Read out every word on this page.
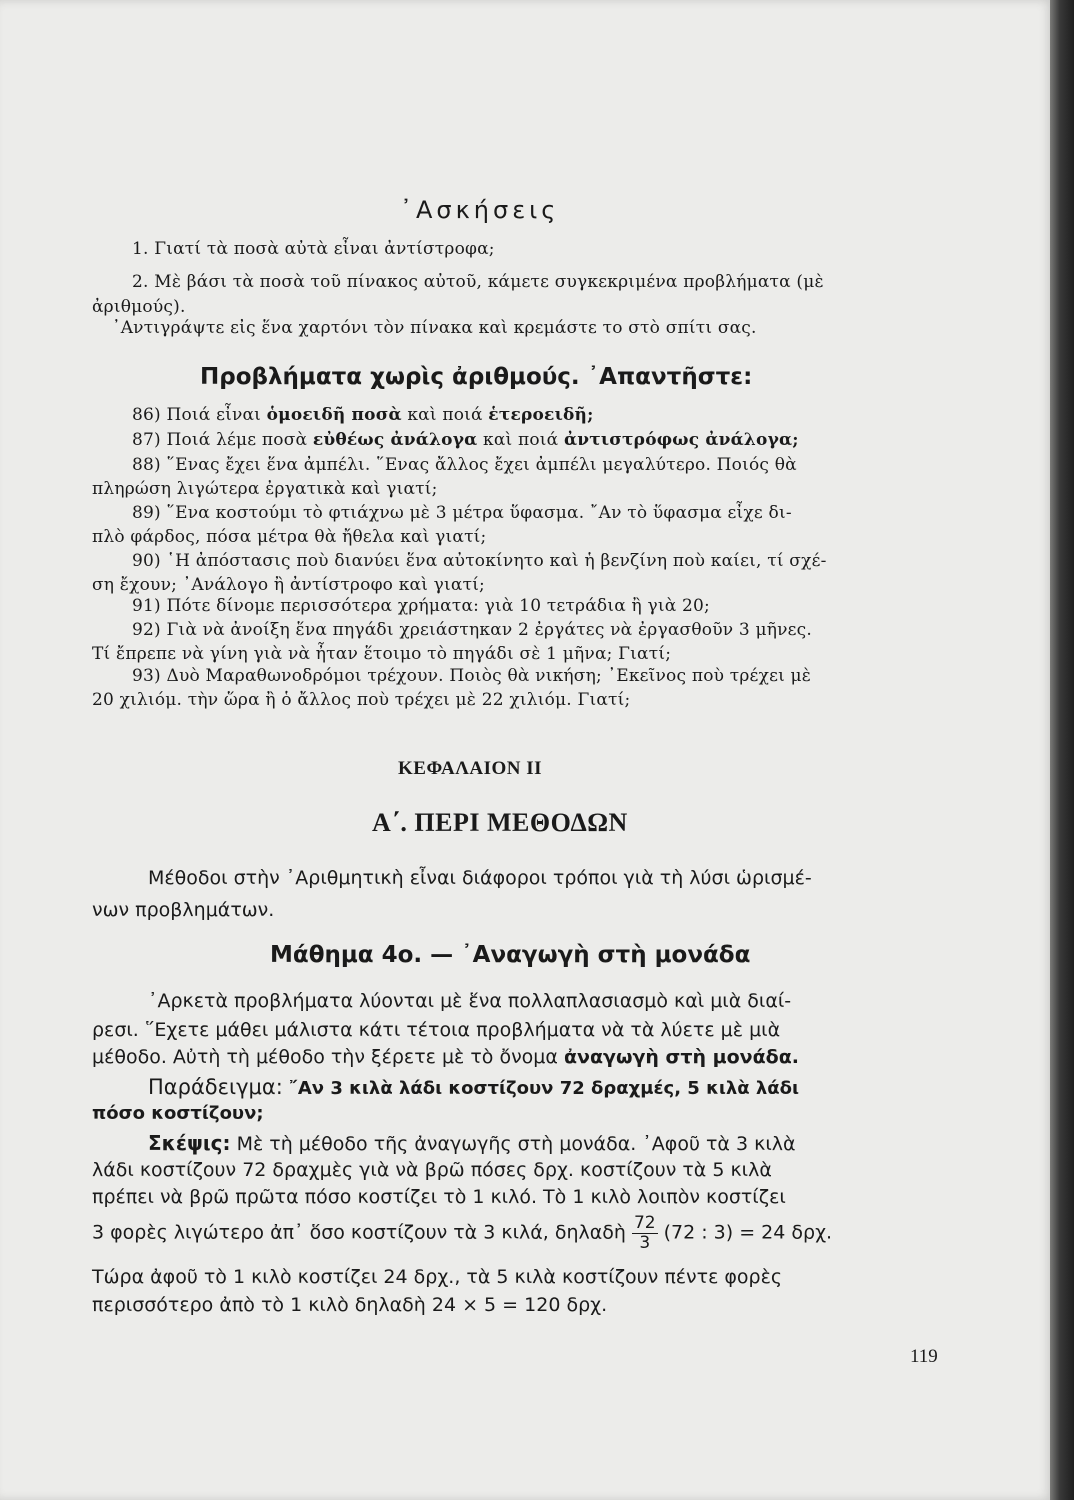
᾽Ασκήσεις
1. Γιατί τὰ ποσὰ αὐτὰ εἶναι ἀντίστροφα;
2. Μὲ βάσι τὰ ποσὰ τοῦ πίνακος αὐτοῦ, κάμετε συγκεκριμένα προβλήματα (μὲ
ἀριθμούς).
᾽Αντιγράψτε εἰς ἕνα χαρτόνι τὸν πίνακα καὶ κρεμάστε το στὸ σπίτι σας.
Προβλήματα χωρὶς ἀριθμούς. ᾽Απαντῆστε:
86) Ποιά εἶναι ὁμοειδῆ ποσὰ καὶ ποιά ἑτεροειδῆ;
87) Ποιά λέμε ποσὰ εὐθέως ἀνάλογα καὶ ποιά ἀντιστρόφως ἀνάλογα;
88) ῞Ενας ἔχει ἕνα ἀμπέλι. ῞Ενας ἄλλος ἔχει ἀμπέλι μεγαλύτερο. Ποιός θὰ
πληρώση λιγώτερα ἐργατικὰ καὶ γιατί;
89) ῞Ενα κοστούμι τὸ φτιάχνω μὲ 3 μέτρα ὕφασμα. ῎Αν τὸ ὕφασμα εἶχε δι-
πλὸ φάρδος, πόσα μέτρα θὰ ἤθελα καὶ γιατί;
90) ῾Η ἀπόστασις ποὺ διανύει ἕνα αὐτοκίνητο καὶ ἡ βενζίνη ποὺ καίει, τί σχέ-
ση ἔχουν; ᾽Ανάλογο ἢ ἀντίστροφο καὶ γιατί;
91) Πότε δίνομε περισσότερα χρήματα: γιὰ 10 τετράδια ἢ γιὰ 20;
92) Γιὰ νὰ ἀνοίξη ἕνα πηγάδι χρειάστηκαν 2 ἐργάτες νὰ ἐργασθοῦν 3 μῆνες.
Τί ἔπρεπε νὰ γίνη γιὰ νὰ ἦταν ἕτοιμο τὸ πηγάδι σὲ 1 μῆνα; Γιατί;
93) Δυὸ Μαραθωνοδρόμοι τρέχουν. Ποιὸς θὰ νικήση; ᾽Εκεῖνος ποὺ τρέχει μὲ
20 χιλιόμ. τὴν ὥρα ἢ ὁ ἄλλος ποὺ τρέχει μὲ 22 χιλιόμ. Γιατί;
ΚΕΦΑΛΑΙΟΝ ΙΙ
Α΄. ΠΕΡΙ ΜΕΘΟΔΩΝ
Μέθοδοι στὴν ᾽Αριθμητικὴ εἶναι διάφοροι τρόποι γιὰ τὴ λύσι ὡρισμέ-
νων προβλημάτων.
Μάθημα 4ο. — ᾽Αναγωγὴ στὴ μονάδα
᾽Αρκετὰ προβλήματα λύονται μὲ ἕνα πολλαπλασιασμὸ καὶ μιὰ διαί-
ρεσι. ῞Εχετε μάθει μάλιστα κάτι τέτοια προβλήματα νὰ τὰ λύετε μὲ μιὰ
μέθοδο. Αὐτὴ τὴ μέθοδο τὴν ξέρετε μὲ τὸ ὄνομα ἀναγωγὴ στὴ μονάδα.
Παράδειγμα: ῎Αν 3 κιλὰ λάδι κοστίζουν 72 δραχμές, 5 κιλὰ λάδι
πόσο κοστίζουν;
Σκέψις: Μὲ τὴ μέθοδο τῆς ἀναγωγῆς στὴ μονάδα. ᾽Αφοῦ τὰ 3 κιλὰ
λάδι κοστίζουν 72 δραχμὲς γιὰ νὰ βρῶ πόσες δρχ. κοστίζουν τὰ 5 κιλὰ
πρέπει νὰ βρῶ πρῶτα πόσο κοστίζει τὸ 1 κιλό. Τὸ 1 κιλὸ λοιπὸν κοστίζει
3 φορὲς λιγώτερο ἀπ᾽ ὅσο κοστίζουν τὰ 3 κιλά, δηλαδὴ $\frac{72}{3} (72$ : 3) = 24 δρχ.
Τώρα ἀφοῦ τὸ 1 κιλὸ κοστίζει 24 δρχ., τὰ 5 κιλὰ κοστίζουν πέντε φορὲς
περισσότερο ἀπὸ τὸ 1 κιλὸ δηλαδὴ 24 × 5 = 120 δρχ.
119
